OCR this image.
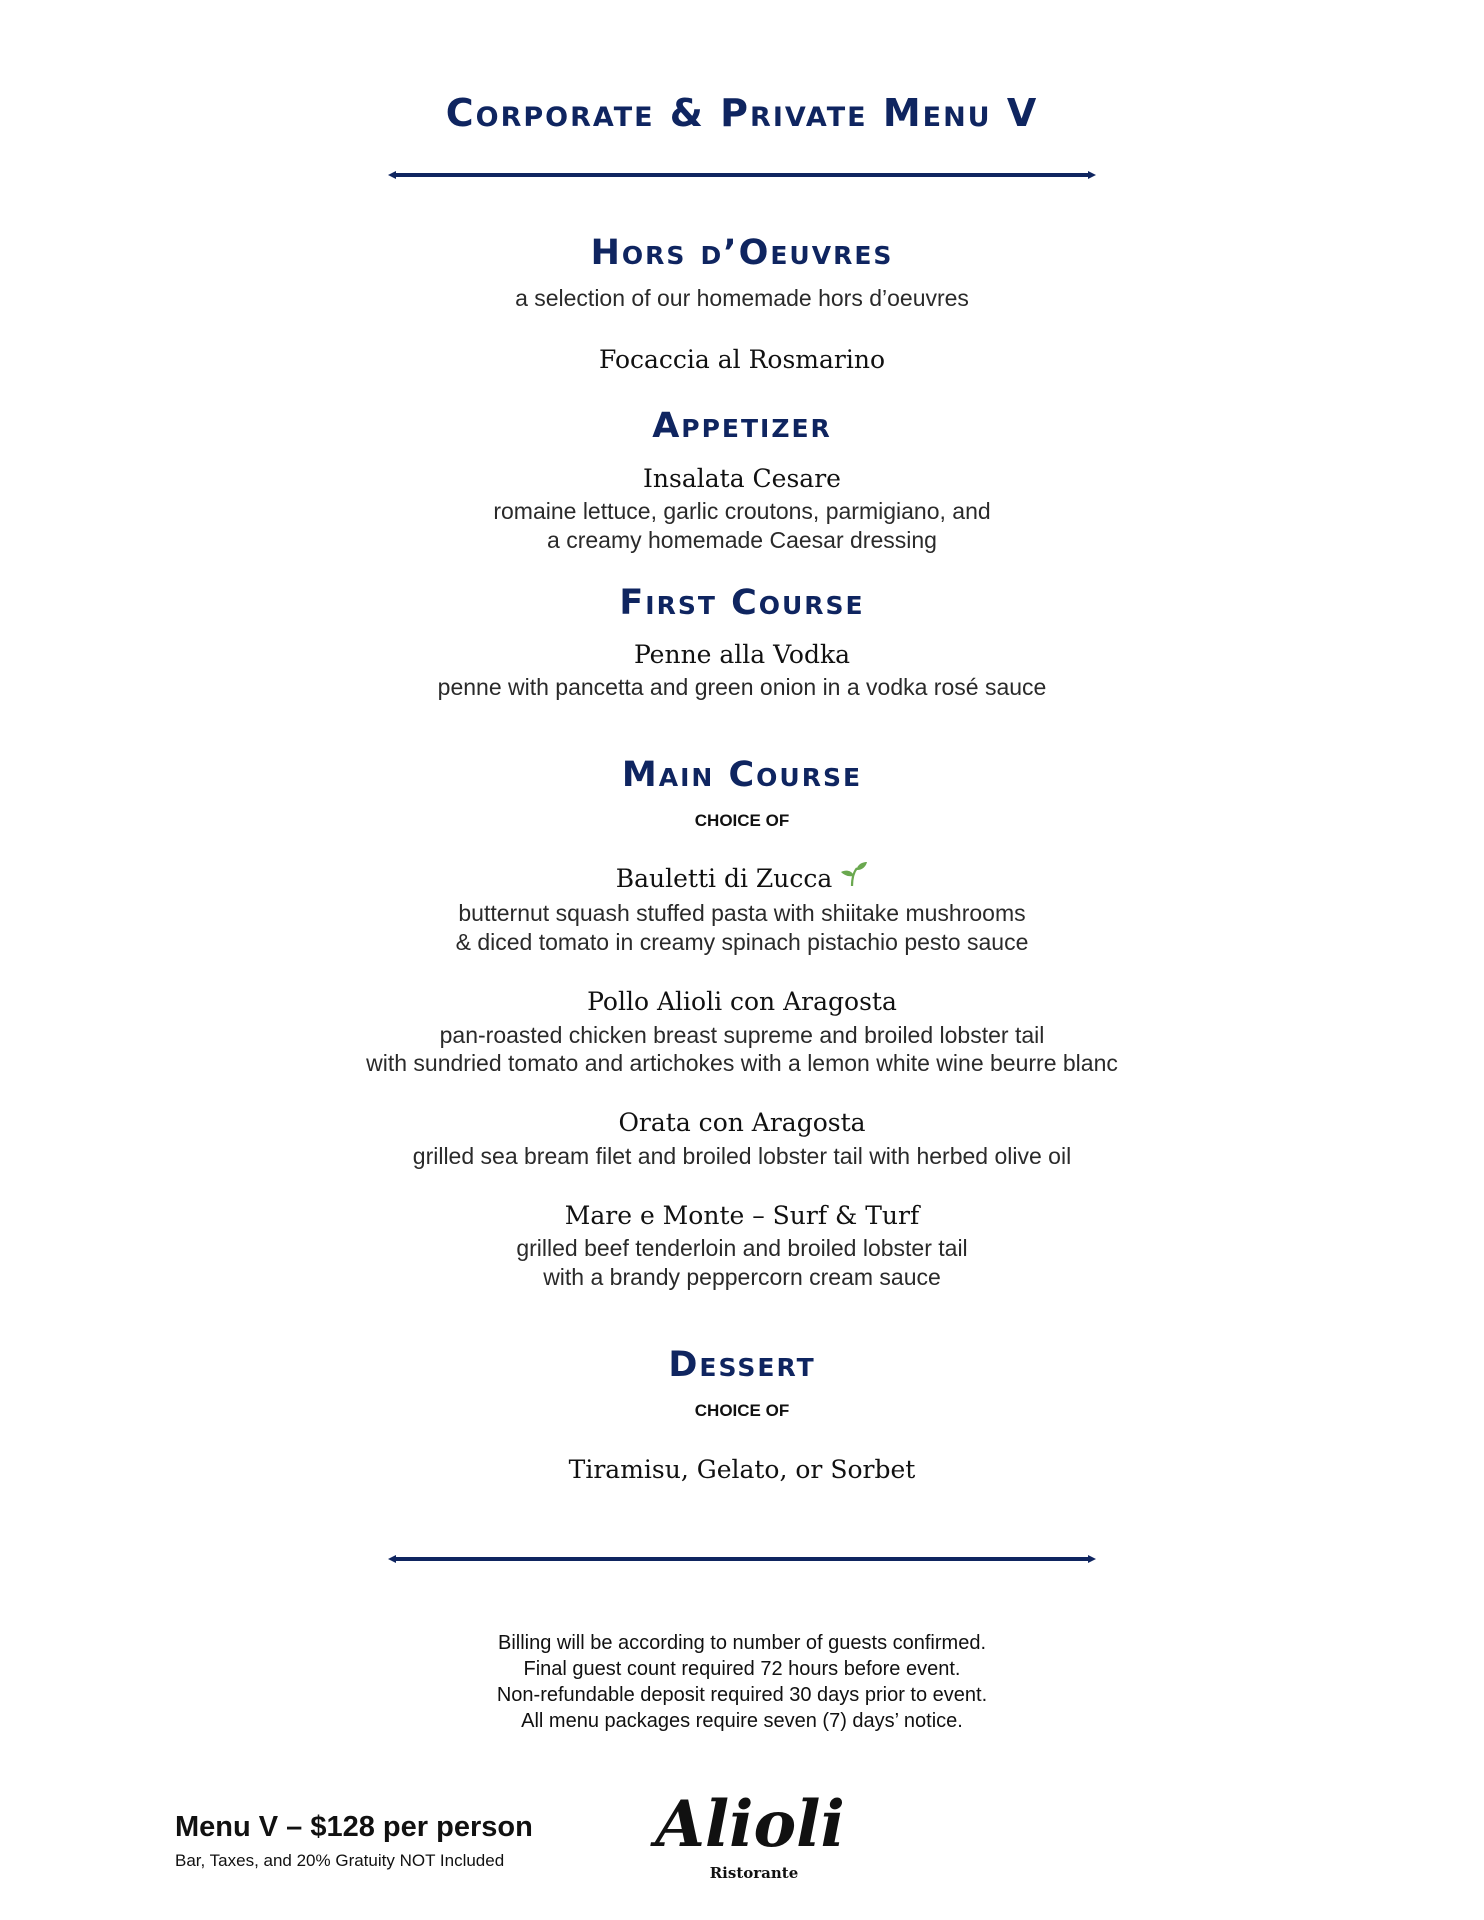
Corporate & Private Menu V
Hors d’Oeuvres
a selection of our homemade hors d’oeuvres
Focaccia al Rosmarino
Appetizer
Insalata Cesare
romaine lettuce, garlic croutons, parmigiano, and
a creamy homemade Caesar dressing
First Course
Penne alla Vodka
penne with pancetta and green onion in a vodka rosé sauce
Main Course
CHOICE OF
Bauletti di Zucca
butternut squash stuffed pasta with shiitake mushrooms
& diced tomato in creamy spinach pistachio pesto sauce
Pollo Alioli con Aragosta
pan-roasted chicken breast supreme and broiled lobster tail
with sundried tomato and artichokes with a lemon white wine beurre blanc
Orata con Aragosta
grilled sea bream filet and broiled lobster tail with herbed olive oil
Mare e Monte – Surf & Turf
grilled beef tenderloin and broiled lobster tail
with a brandy peppercorn cream sauce
Dessert
CHOICE OF
Tiramisu, Gelato, or Sorbet
Billing will be according to number of guests confirmed.
Final guest count required 72 hours before event.
Non-refundable deposit required 30 days prior to event.
All menu packages require seven (7) days’ notice.
Menu V – $128 per person
Bar, Taxes, and 20% Gratuity NOT Included Alioli
Ristorante
